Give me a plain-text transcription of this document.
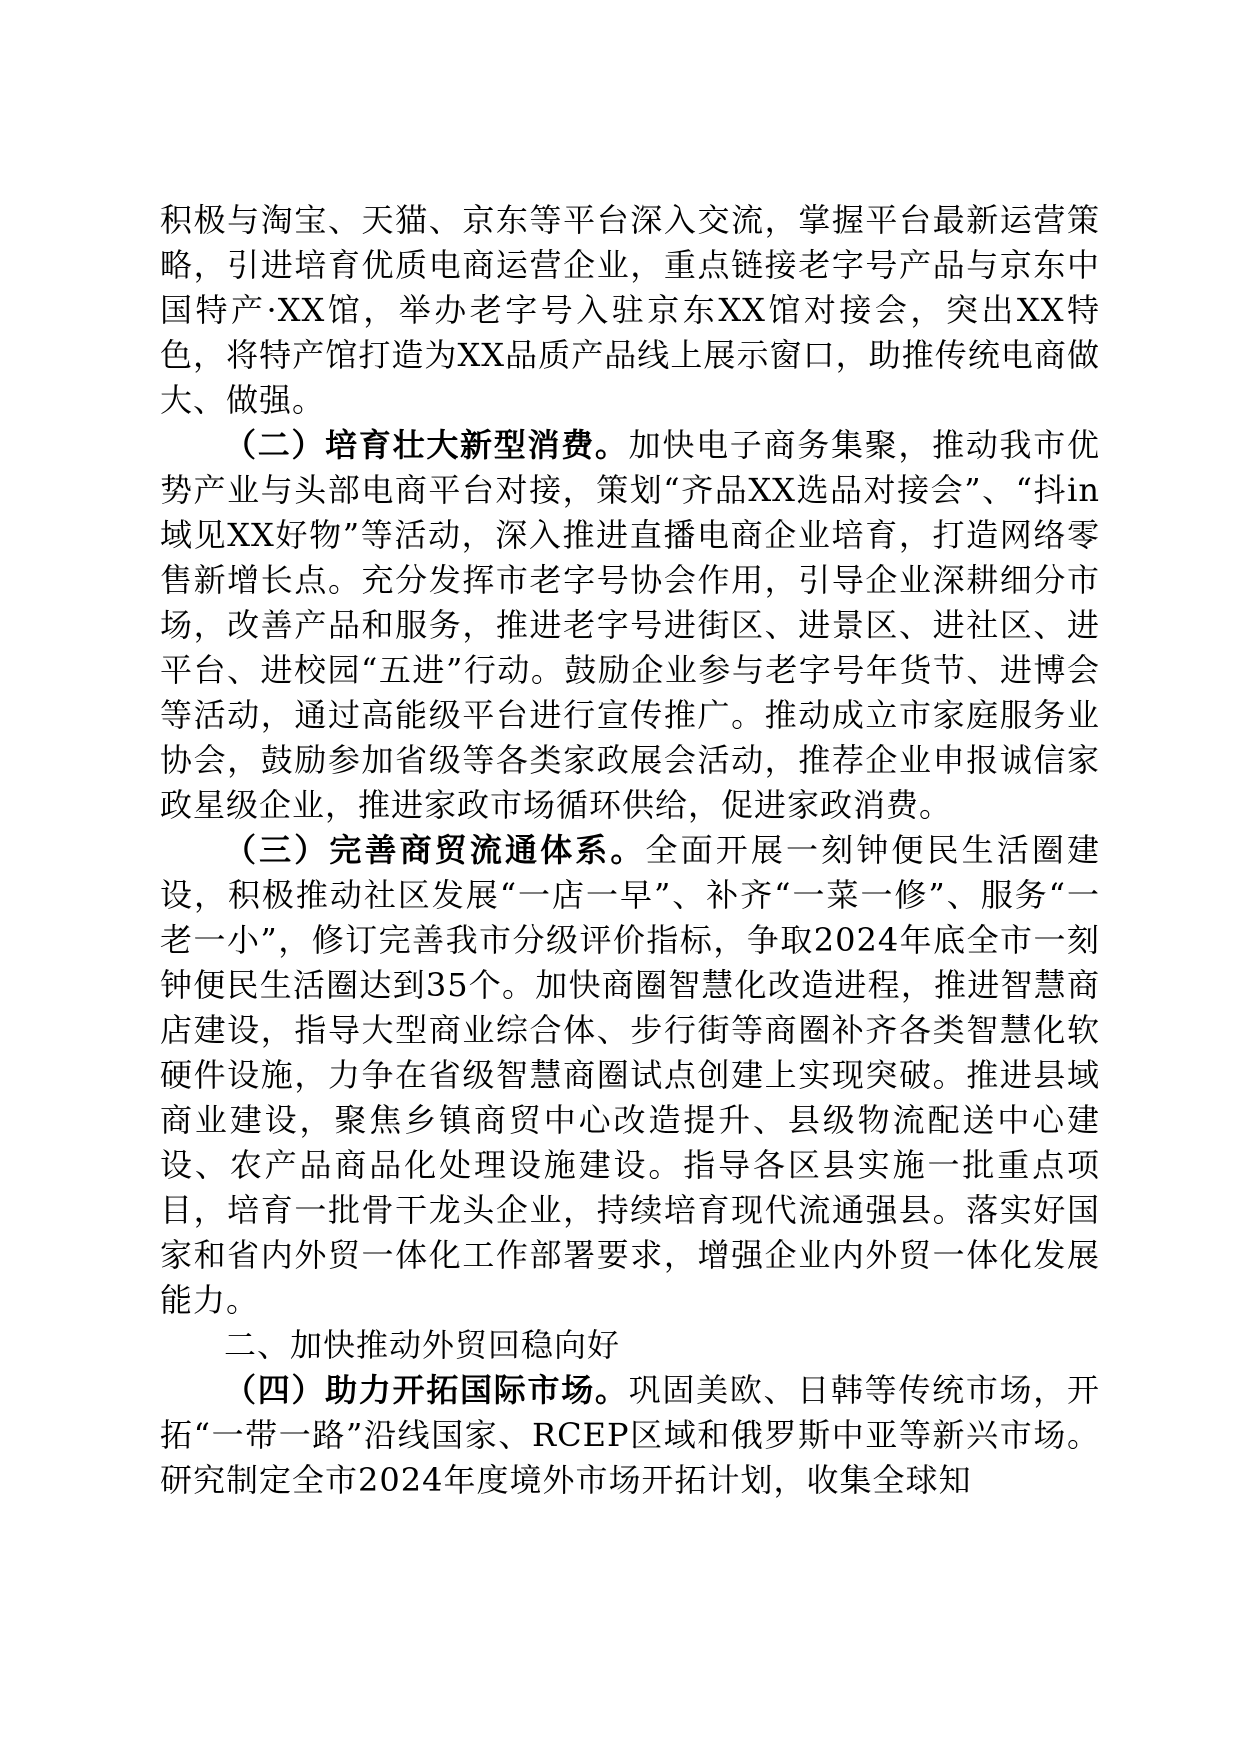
积极与淘宝、天猫、京东等平台深入交流，掌握平台最新运营策略，引进培育优质电商运营企业，重点链接老字号产品与京东中国特产·XX馆，举办老字号入驻京东XX馆对接会，突出XX特色，将特产馆打造为XX品质产品线上展示窗口，助推传统电商做大、做强。

（二）培育壮大新型消费。加快电子商务集聚，推动我市优势产业与头部电商平台对接，策划“齐品XX选品对接会”、“抖in域见XX好物”等活动，深入推进直播电商企业培育，打造网络零售新增长点。充分发挥市老字号协会作用，引导企业深耕细分市场，改善产品和服务，推进老字号进街区、进景区、进社区、进平台、进校园“五进”行动。鼓励企业参与老字号年货节、进博会等活动，通过高能级平台进行宣传推广。推动成立市家庭服务业协会，鼓励参加省级等各类家政展会活动，推荐企业申报诚信家政星级企业，推进家政市场循环供给，促进家政消费。

（三）完善商贸流通体系。全面开展一刻钟便民生活圈建设，积极推动社区发展“一店一早”、补齐“一菜一修”、服务“一老一小”，修订完善我市分级评价指标，争取2024年底全市一刻钟便民生活圈达到35个。加快商圈智慧化改造进程，推进智慧商店建设，指导大型商业综合体、步行街等商圈补齐各类智慧化软硬件设施，力争在省级智慧商圈试点创建上实现突破。推进县域商业建设，聚焦乡镇商贸中心改造提升、县级物流配送中心建设、农产品商品化处理设施建设。指导各区县实施一批重点项目，培育一批骨干龙头企业，持续培育现代流通强县。落实好国家和省内外贸一体化工作部署要求，增强企业内外贸一体化发展能力。

二、加快推动外贸回稳向好

（四）助力开拓国际市场。巩固美欧、日韩等传统市场，开拓“一带一路”沿线国家、RCEP区域和俄罗斯中亚等新兴市场。研究制定全市2024年度境外市场开拓计划，收集全球知
